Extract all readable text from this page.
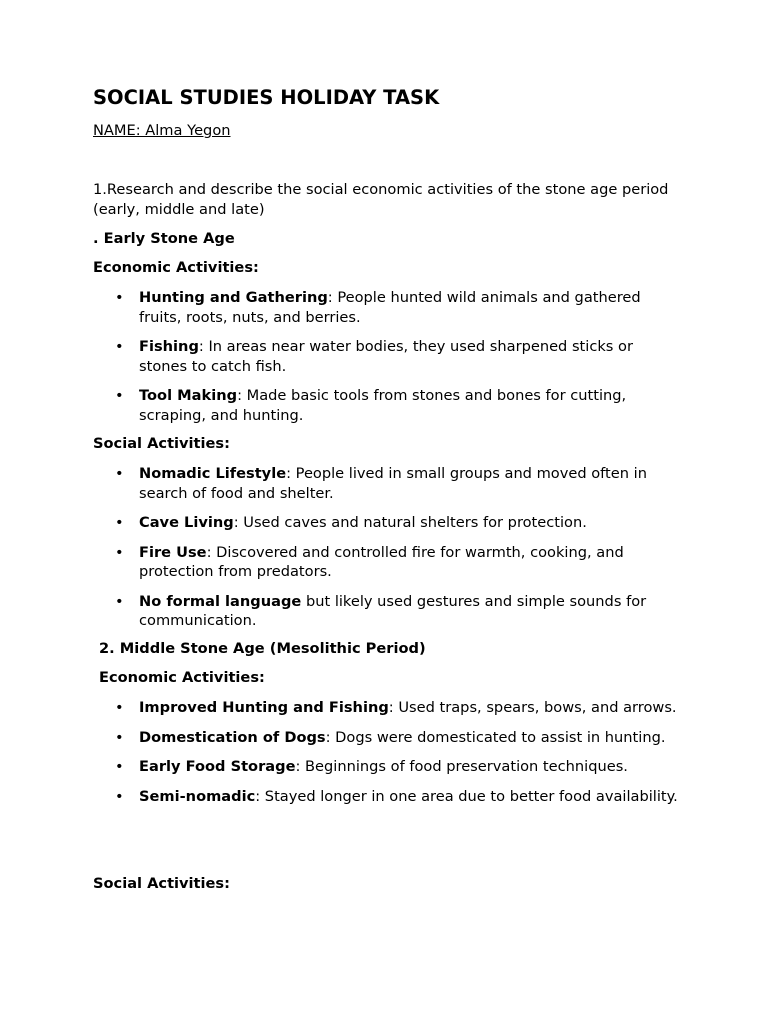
SOCIAL STUDIES HOLIDAY TASK
NAME: Alma Yegon
1.Research and describe the social economic activities of the stone age period (early, middle and late)
. Early Stone Age
Economic Activities:
• Hunting and Gathering: People hunted wild animals and gathered fruits, roots, nuts, and berries.
• Fishing: In areas near water bodies, they used sharpened sticks or stones to catch fish.
• Tool Making: Made basic tools from stones and bones for cutting, scraping, and hunting.
Social Activities:
• Nomadic Lifestyle: People lived in small groups and moved often in search of food and shelter.
• Cave Living: Used caves and natural shelters for protection.
• Fire Use: Discovered and controlled fire for warmth, cooking, and protection from predators.
• No formal language but likely used gestures and simple sounds for communication.
2. Middle Stone Age (Mesolithic Period)
Economic Activities:
• Improved Hunting and Fishing: Used traps, spears, bows, and arrows.
• Domestication of Dogs: Dogs were domesticated to assist in hunting.
• Early Food Storage: Beginnings of food preservation techniques.
• Semi-nomadic: Stayed longer in one area due to better food availability.
Social Activities:
